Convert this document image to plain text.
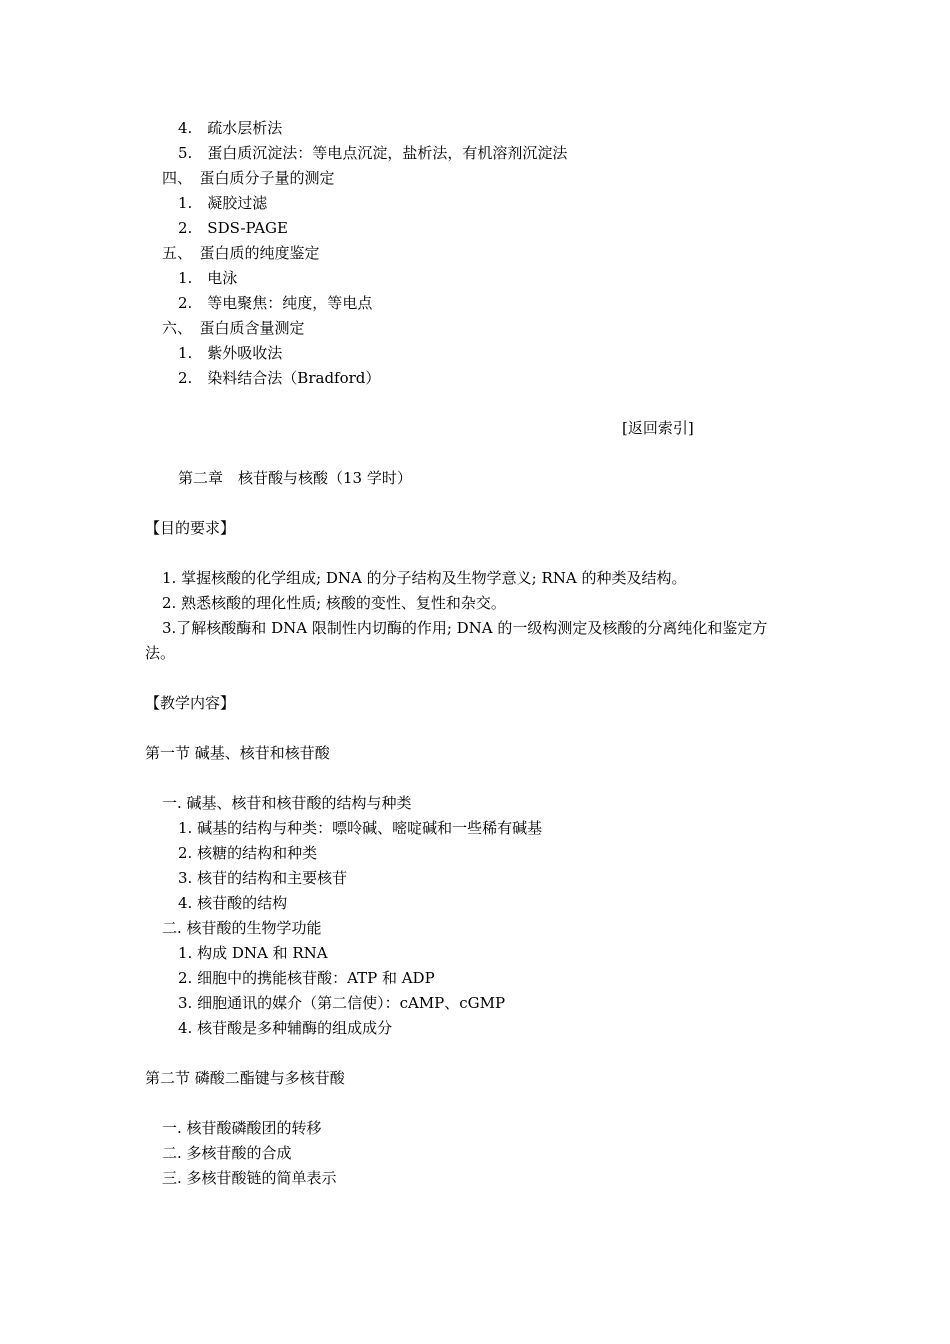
4.　疏水层析法
5.　蛋白质沉淀法：等电点沉淀，盐析法，有机溶剂沉淀法
四、　蛋白质分子量的测定
1.　凝胶过滤
2.　SDS-PAGE
五、　蛋白质的纯度鉴定
1.　电泳
2.　等电聚焦：纯度，等电点
六、　蛋白质含量测定
1.　紫外吸收法
2.　染料结合法（Bradford）
[返回索引]
第二章　核苷酸与核酸（13 学时）
【目的要求】
1. 掌握核酸的化学组成; DNA 的分子结构及生物学意义; RNA 的种类及结构。
2. 熟悉核酸的理化性质; 核酸的变性、复性和杂交。
3.了解核酸酶和 DNA 限制性内切酶的作用; DNA 的一级构测定及核酸的分离纯化和鉴定方
法。
【教学内容】
第一节 碱基、核苷和核苷酸
一. 碱基、核苷和核苷酸的结构与种类
1. 碱基的结构与种类：嘌呤碱、嘧啶碱和一些稀有碱基
2. 核糖的结构和种类
3. 核苷的结构和主要核苷
4. 核苷酸的结构
二. 核苷酸的生物学功能
1. 构成 DNA 和 RNA
2. 细胞中的携能核苷酸：ATP 和 ADP
3. 细胞通讯的媒介（第二信使）：cAMP、cGMP
4. 核苷酸是多种辅酶的组成成分
第二节 磷酸二酯键与多核苷酸
一. 核苷酸磷酸团的转移
二. 多核苷酸的合成
三. 多核苷酸链的简单表示
